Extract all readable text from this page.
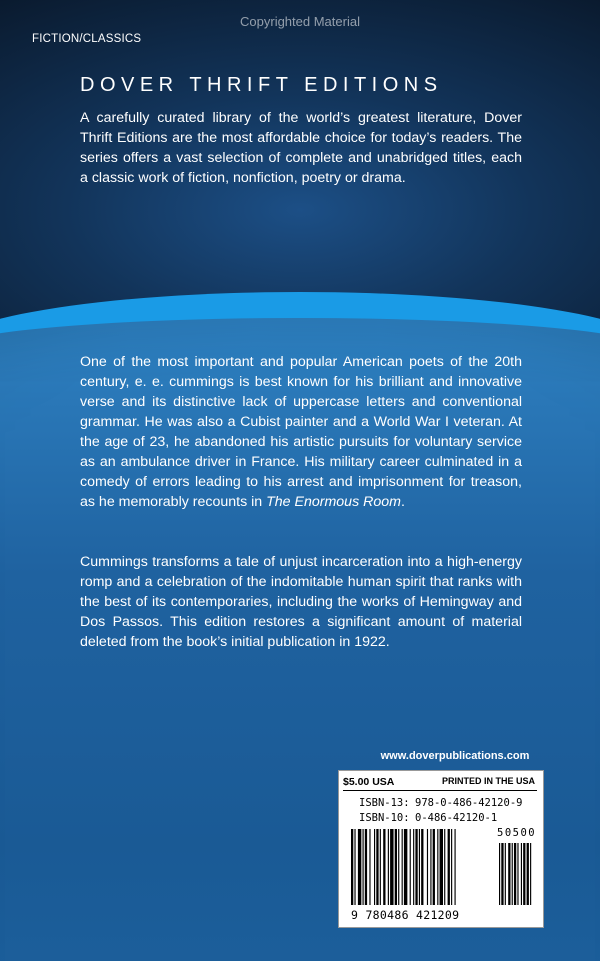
Copyrighted Material
FICTION/CLASSICS
DOVER THRIFT EDITIONS
A carefully curated library of the world’s greatest literature, Dover Thrift Editions are the most affordable choice for today’s readers. The series offers a vast selection of complete and unabridged titles, each a classic work of fiction, nonfiction, poetry or drama.
One of the most important and popular American poets of the 20th century, e. e. cummings is best known for his brilliant and innovative verse and its distinctive lack of uppercase letters and conventional grammar. He was also a Cubist painter and a World War I veteran. At the age of 23, he abandoned his artistic pursuits for voluntary service as an ambulance driver in France. His military career culminated in a comedy of errors leading to his arrest and imprisonment for treason, as he memorably recounts in The Enormous Room.
Cummings transforms a tale of unjust incarceration into a high-energy romp and a celebration of the indomitable human spirit that ranks with the best of its contemporaries, including the works of Hemingway and Dos Passos. This edition restores a significant amount of material deleted from the book’s initial publication in 1922.
www.doverpublications.com
$5.00 USA	PRINTED IN THE USA
ISBN-13: 978-0-486-42120-9
ISBN-10: 0-486-42120-1
50500
9 780486 421209
